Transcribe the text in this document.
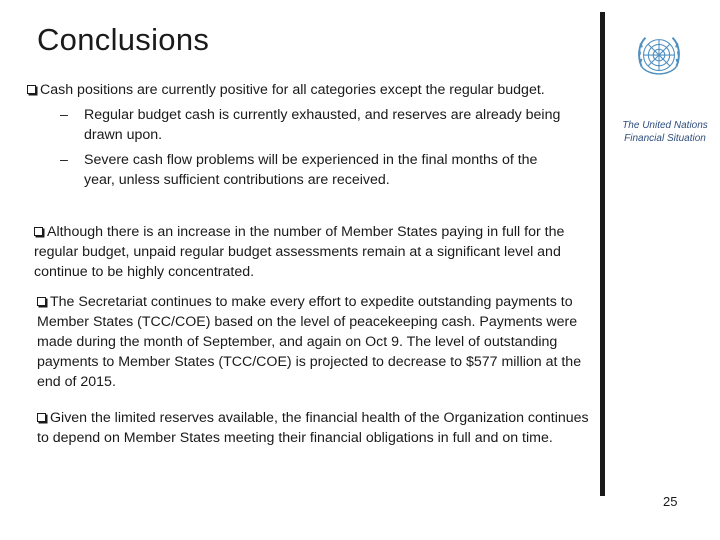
Conclusions
The United Nations Financial Situation
Cash positions are currently positive for all categories except the regular budget.
– Regular budget cash is currently exhausted, and reserves are already being drawn upon.
– Severe cash flow problems will be experienced in the final months of the year, unless sufficient contributions are received.
Although there is an increase in the number of Member States paying in full for the regular budget, unpaid regular budget assessments remain at a significant level and continue to be highly concentrated.
The Secretariat continues to make every effort to expedite outstanding payments to Member States (TCC/COE) based on the level of peacekeeping cash. Payments were made during the month of September, and again on Oct 9. The level of outstanding payments to Member States (TCC/COE) is projected to decrease to $577 million at the end of 2015.
Given the limited reserves available, the financial health of the Organization continues to depend on Member States meeting their financial obligations in full and on time.
25
